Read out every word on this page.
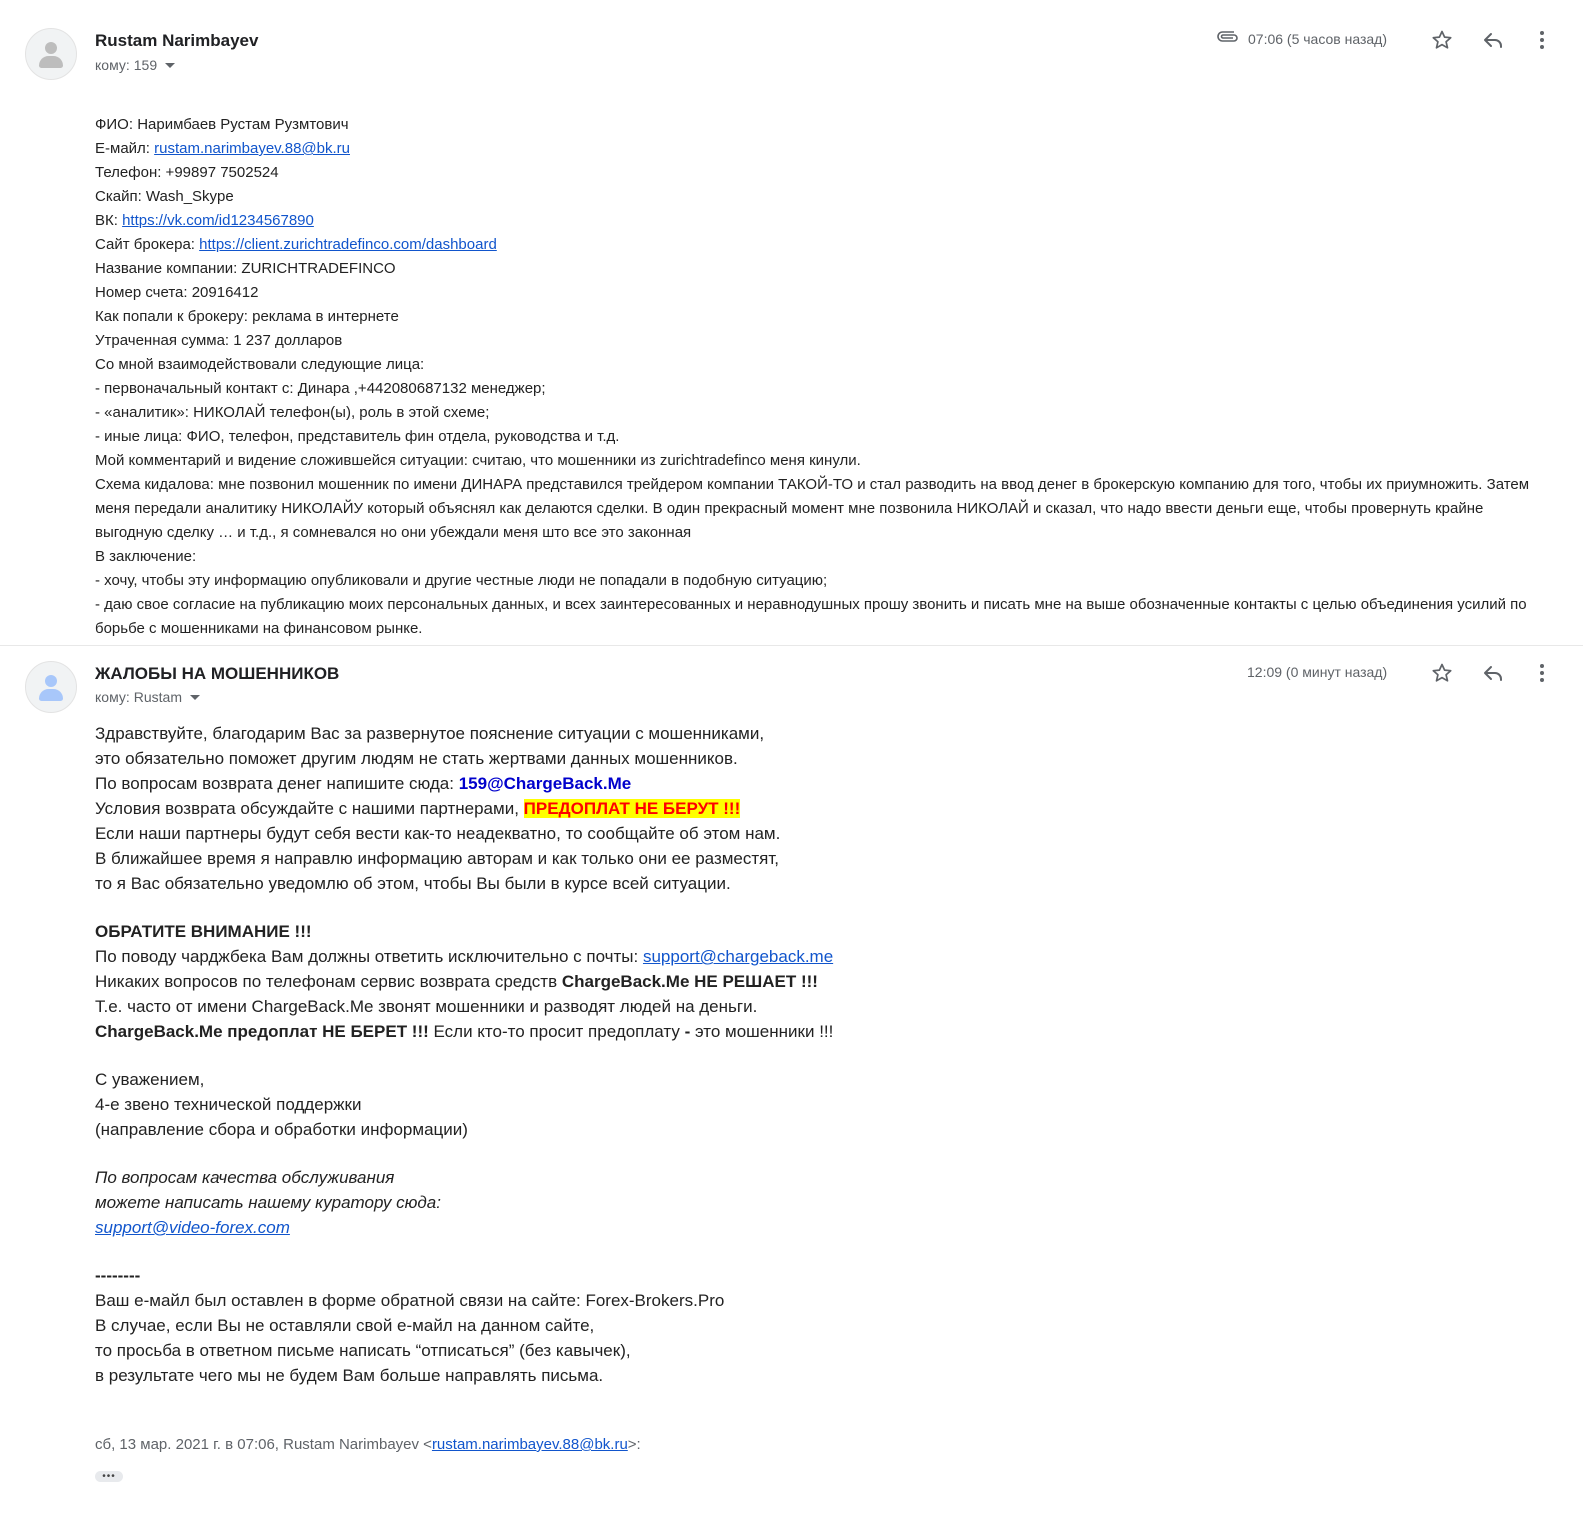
Rustam Narimbayev
кому: 159
07:06 (5 часов назад)
ФИО: Наримбаев Рустам Рузмтович
E-майл: rustam.narimbayev.88@bk.ru
Телефон: +99897 7502524
Скайп: Wash_Skype
ВК: https://vk.com/id1234567890
Сайт брокера: https://client.zurichtradefinco.com/dashboard
Название компании: ZURICHTRADEFINCO
Номер счета: 20916412
Как попали к брокеру: реклама в интернете
Утраченная сумма: 1 237 долларов
Со мной взаимодействовали следующие лица:
- первоначальный контакт с: Динара ,+442080687132 менеджер;
- «аналитик»: НИКОЛАЙ телефон(ы), роль в этой схеме;
- иные лица: ФИО, телефон, представитель фин отдела, руководства и т.д.
Мой комментарий и видение сложившейся ситуации: считаю, что мошенники из zurichtradefinco меня кинули.
Схема кидалова: мне позвонил мошенник по имени ДИНАРА представился трейдером компании ТАКОЙ-ТО и стал разводить на ввод денег в брокерскую компанию для того, чтобы их приумножить. Затем меня передали аналитику НИКОЛАЙУ который объяснял как делаются сделки. В один прекрасный момент мне позвонила НИКОЛАЙ и сказал, что надо ввести деньги еще, чтобы провернуть крайне выгодную сделку … и т.д., я сомневался но они убеждали меня што все это законная
В заключение:
- хочу, чтобы эту информацию опубликовали и другие честные люди не попадали в подобную ситуацию;
- даю свое согласие на публикацию моих персональных данных, и всех заинтересованных и неравнодушных прошу звонить и писать мне на выше обозначенные контакты с целью объединения усилий по борьбе с мошенниками на финансовом рынке.
ЖАЛОБЫ НА МОШЕННИКОВ
кому: Rustam
12:09 (0 минут назад)
Здравствуйте, благодарим Вас за развернутое пояснение ситуации с мошенниками,
это обязательно поможет другим людям не стать жертвами данных мошенников.
По вопросам возврата денег напишите сюда: 159@ChargeBack.Me
Условия возврата обсуждайте с нашими партнерами, ПРЕДОПЛАТ НЕ БЕРУТ !!!
Если наши партнеры будут себя вести как-то неадекватно, то сообщайте об этом нам.
В ближайшее время я направлю информацию авторам и как только они ее разместят,
то я Вас обязательно уведомлю об этом, чтобы Вы были в курсе всей ситуации.
ОБРАТИТЕ ВНИМАНИЕ !!!
По поводу чарджбека Вам должны ответить исключительно с почты: support@chargeback.me
Никаких вопросов по телефонам сервис возврата средств ChargeBack.Me НЕ РЕШАЕТ !!!
Т.е. часто от имени ChargeBack.Me звонят мошенники и разводят людей на деньги.
ChargeBack.Me предоплат НЕ БЕРЕТ !!! Если кто-то просит предоплату - это мошенники !!!
С уважением,
4-е звено технической поддержки
(направление сбора и обработки информации)
По вопросам качества обслуживания
можете написать нашему куратору сюда:
support@video-forex.com
--------
Ваш е-майл был оставлен в форме обратной связи на сайте: Forex-Brokers.Pro
В случае, если Вы не оставляли свой е-майл на данном сайте,
то просьба в ответном письме написать “отписаться” (без кавычек),
в результате чего мы не будем Вам больше направлять письма.
сб, 13 мар. 2021 г. в 07:06, Rustam Narimbayev <rustam.narimbayev.88@bk.ru>:
•••
